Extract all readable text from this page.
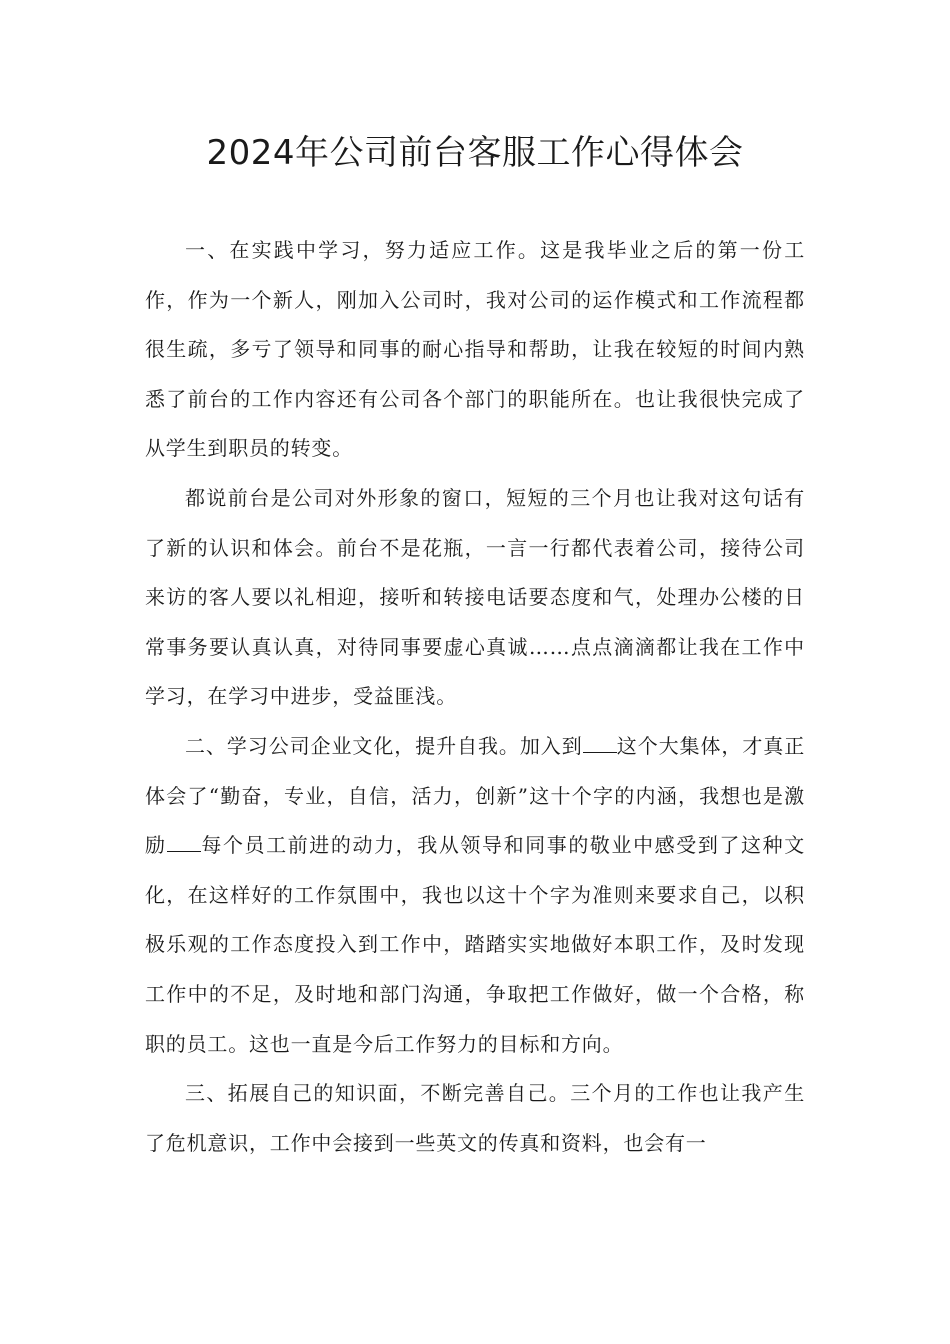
2024年公司前台客服工作心得体会

一、在实践中学习，努力适应工作。这是我毕业之后的第一份工作，作为一个新人，刚加入公司时，我对公司的运作模式和工作流程都很生疏，多亏了领导和同事的耐心指导和帮助，让我在较短的时间内熟悉了前台的工作内容还有公司各个部门的职能所在。也让我很快完成了从学生到职员的转变。

都说前台是公司对外形象的窗口，短短的三个月也让我对这句话有了新的认识和体会。前台不是花瓶，一言一行都代表着公司，接待公司来访的客人要以礼相迎，接听和转接电话要态度和气，处理办公楼的日常事务要认真认真，对待同事要虚心真诚……点点滴滴都让我在工作中学习，在学习中进步，受益匪浅。

二、学习公司企业文化，提升自我。加入到 这个大集体，才真正体会了“勤奋，专业，自信，活力，创新”这十个字的内涵，我想也是激励 每个员工前进的动力，我从领导和同事的敬业中感受到了这种文化，在这样好的工作氛围中，我也以这十个字为准则来要求自己，以积极乐观的工作态度投入到工作中，踏踏实实地做好本职工作，及时发现工作中的不足，及时地和部门沟通，争取把工作做好，做一个合格，称职的员工。这也一直是今后工作努力的目标和方向。

三、拓展自己的知识面，不断完善自己。三个月的工作也让我产生了危机意识，工作中会接到一些英文的传真和资料，也会有一
